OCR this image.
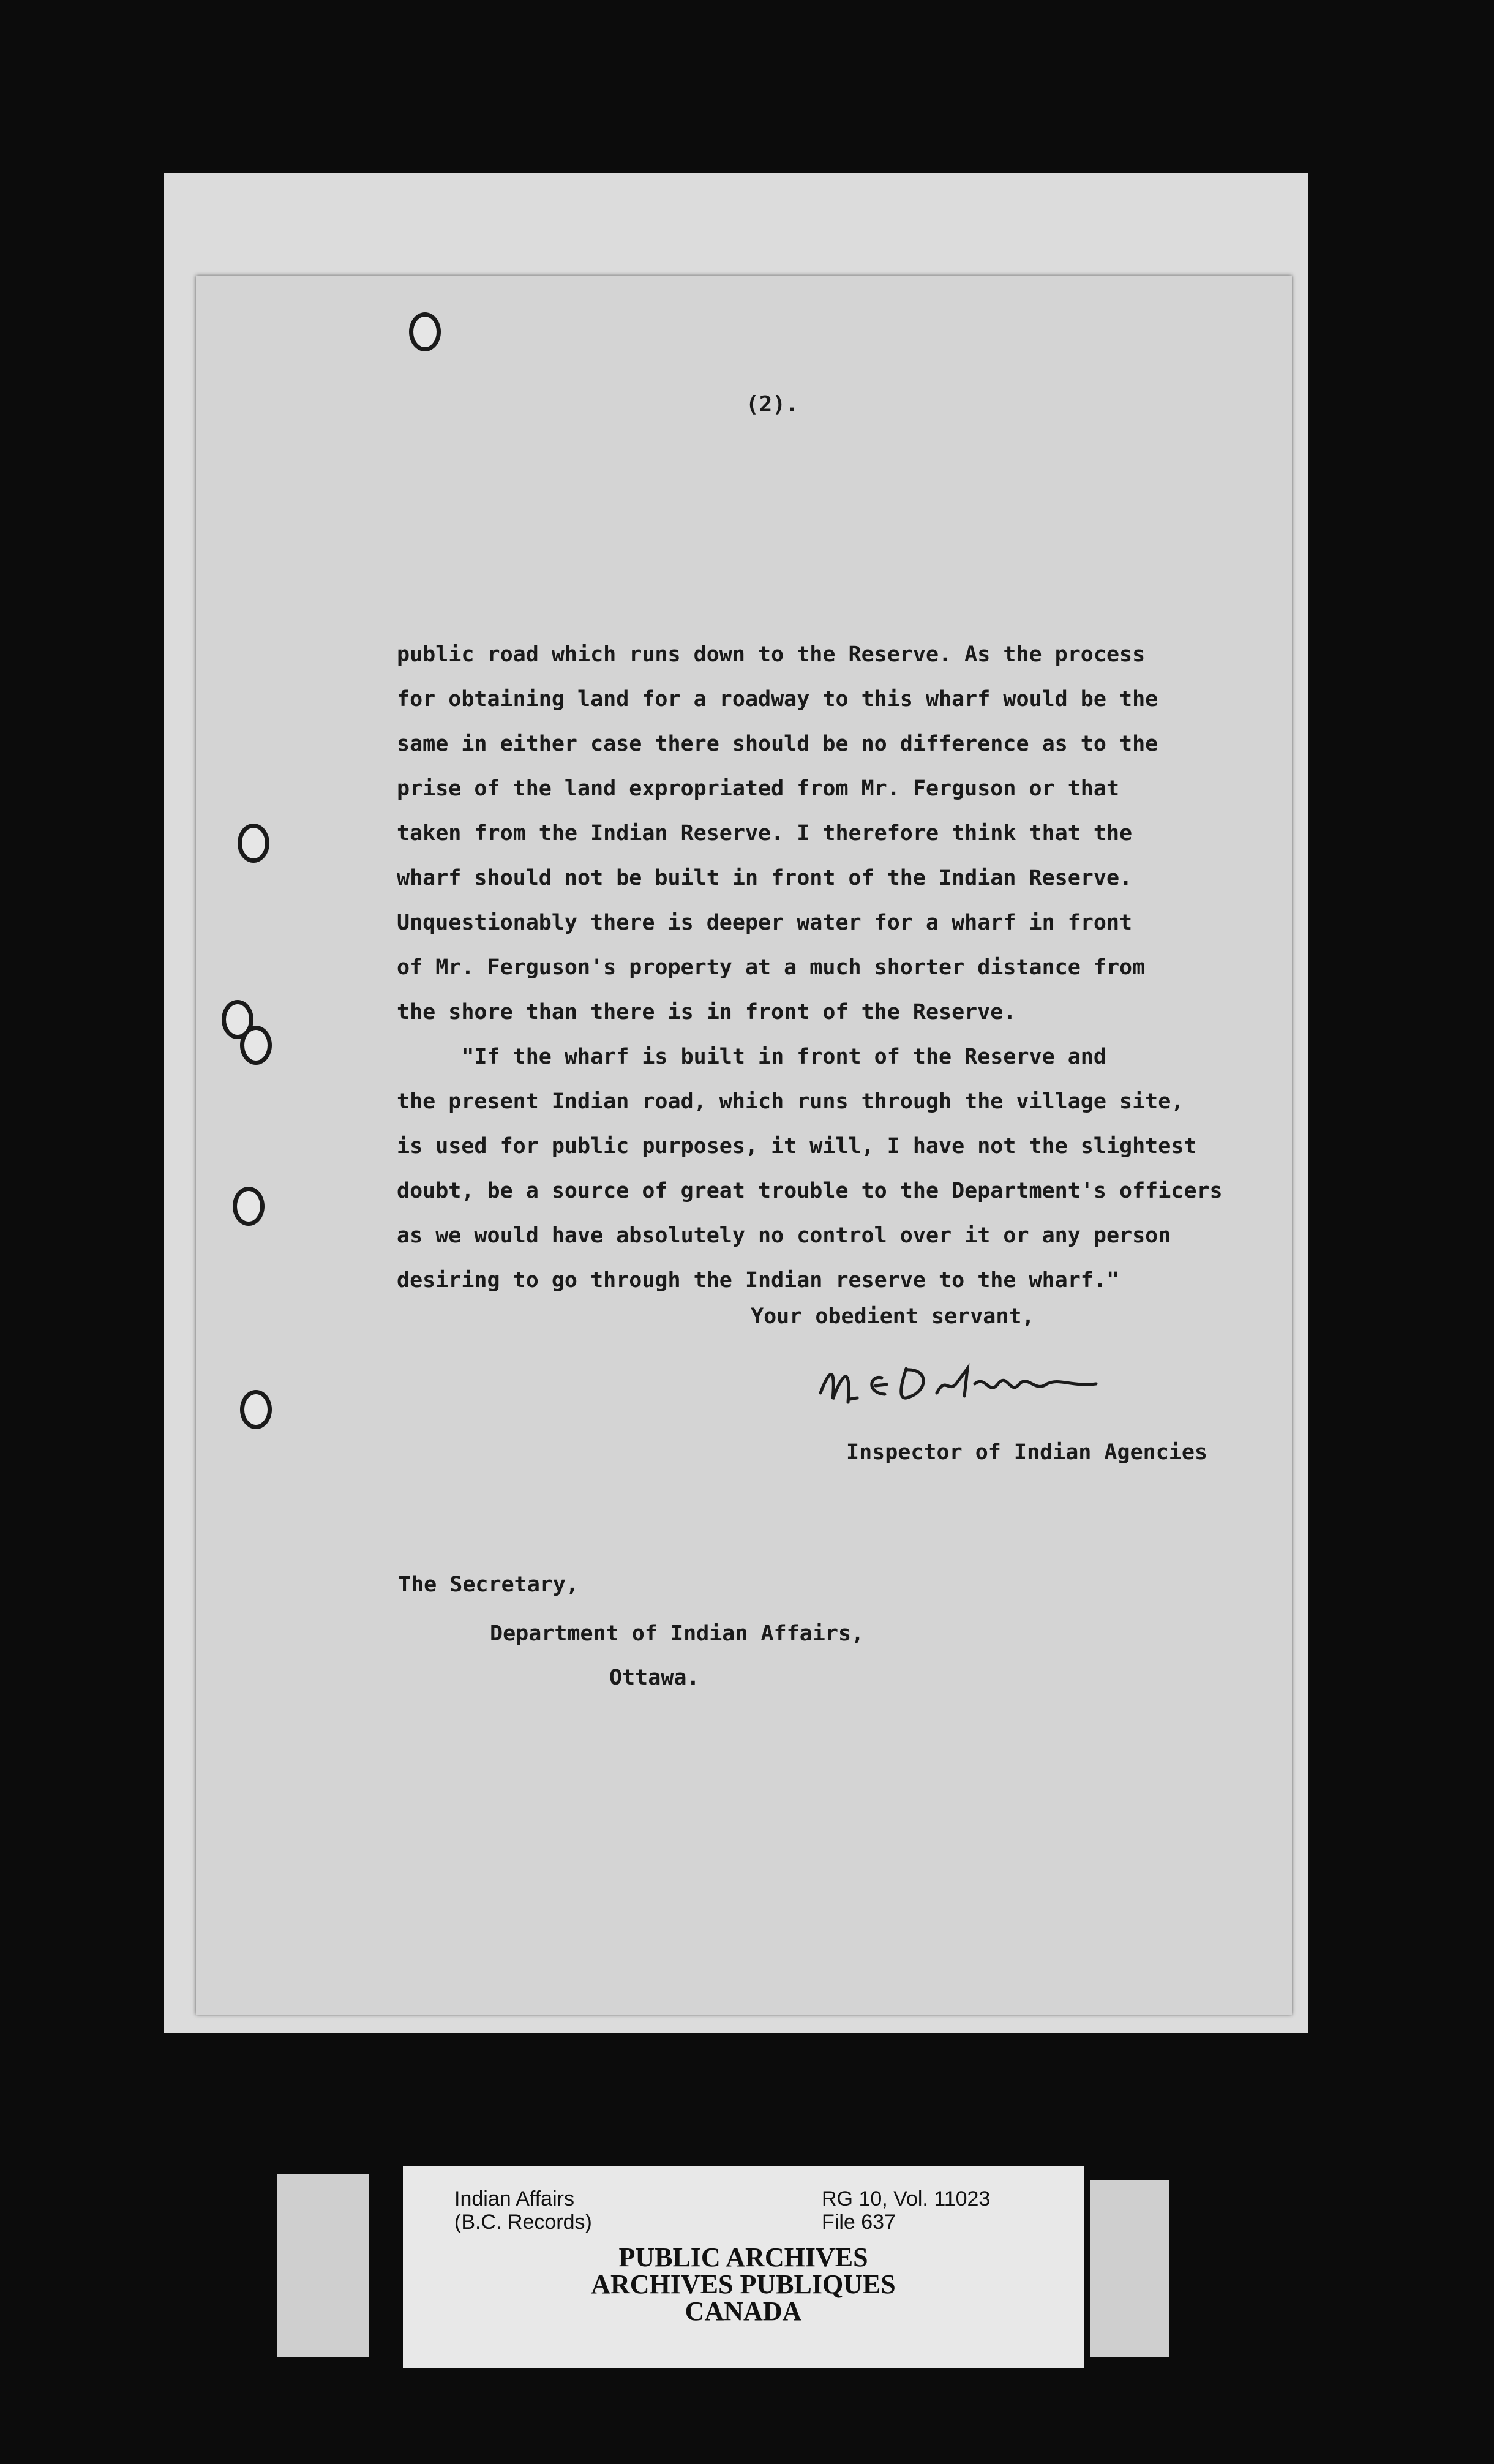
(2).

public road which runs down to the Reserve. As the process
for obtaining land for a roadway to this wharf would be the
same in either case there should be no difference as to the
prise of the land expropriated from Mr. Ferguson or that
taken from the Indian Reserve. I therefore think that the
wharf should not be built in front of the Indian Reserve.
Unquestionably there is deeper water for a wharf in front
of Mr. Ferguson's property at a much shorter distance from
the shore than there is in front of the Reserve.
"If the wharf is built in front of the Reserve and
the present Indian road, which runs through the village site,
is used for public purposes, it will, I have not the slightest
doubt, be a source of great trouble to the Department's officers
as we would have absolutely no control over it or any person
desiring to go through the Indian reserve to the wharf."

Your obedient servant,
Inspector of Indian Agencies
The Secretary,
Department of Indian Affairs,
Ottawa.
Indian Affairs
(B.C. Records)
RG 10, Vol. 11023
File 637
PUBLIC ARCHIVES
ARCHIVES PUBLIQUES
CANADA
